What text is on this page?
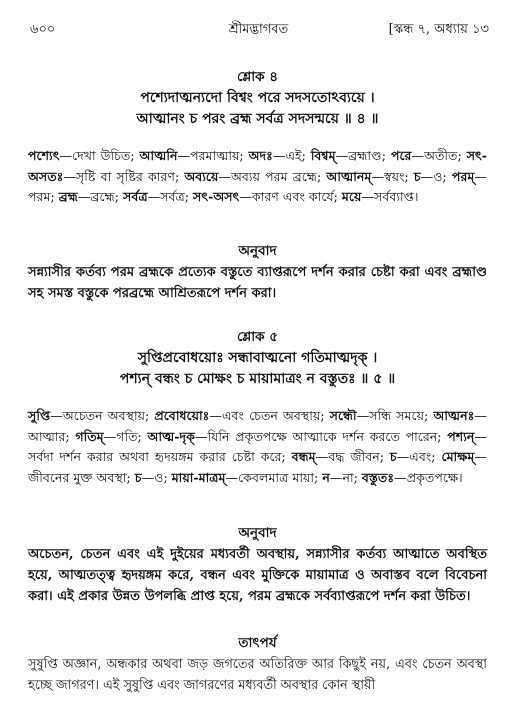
৬০০	শ্রীমদ্ভাগবত	[স্কন্ধ ৭, অধ্যায় ১৩
শ্লোক ৪
পশ্যেদাত্মন্যদো বিশ্বং পরে সদসতোঽব্যয়ে ।
আত্মানং চ পরং ব্রহ্ম সর্বত্র সদসন্ময়ে ॥ ৪ ॥
পশ্যেৎ—দেখা উচিত; আত্মনি—পরমাত্মায়; অদঃ—এই; বিশ্বম্—ব্রহ্মাণ্ড; পরে—অতীত; সৎ-অসতঃ—সৃষ্টি বা সৃষ্টির কারণ; অব্যয়ে—অব্যয় পরম ব্রহ্মে; আত্মানম্—স্বয়ং; চ—ও; পরম্—পরম; ব্রহ্ম—ব্রহ্মে; সর্বত্র—সর্বত্র; সৎ-অসৎ—কারণ এবং কার্যে; ময়ে—সর্বব্যাপ্ত।
অনুবাদ
সন্ন্যাসীর কর্তব্য পরম ব্রহ্মকে প্রত্যেক বস্তুতে ব্যাপ্তরূপে দর্শন করার চেষ্টা করা এবং ব্রহ্মাণ্ড সহ সমস্ত বস্তুকে পরব্রহ্মে আশ্রিতরূপে দর্শন করা।
শ্লোক ৫
সুপ্তিপ্রবোধয়োঃ সন্ধাবাত্মনো গতিমাত্মদৃক্ ।
পশ্যন্ বন্ধং চ মোক্ষং চ মায়ামাত্রং ন বস্তুতঃ ॥ ৫ ॥
সুপ্তি—অচেতন অবস্থায়; প্রবোধয়োঃ—এবং চেতন অবস্থায়; সন্ধৌ—সন্ধি সময়ে; আত্মনঃ—আত্মার; গতিম্—গতি; আত্ম-দৃক্—যিনি প্রকৃতপক্ষে আত্মাকে দর্শন করতে পারেন; পশ্যন্—সর্বদা দর্শন করার অথবা হৃদয়ঙ্গম করার চেষ্টা করে; বন্ধম্—বদ্ধ জীবন; চ—এবং; মোক্ষম্—জীবনের মুক্ত অবস্থা; চ—ও; মায়া-মাত্রম্—কেবলমাত্র মায়া; ন—না; বস্তুতঃ—প্রকৃতপক্ষে।
অনুবাদ
অচেতন, চেতন এবং এই দুইয়ের মধ্যবর্তী অবস্থায়, সন্ন্যাসীর কর্তব্য আত্মাতে অবস্থিত হয়ে, আত্মতত্ত্ব হৃদয়ঙ্গম করে, বন্ধন এবং মুক্তিকে মায়ামাত্র ও অবাস্তব বলে বিবেচনা করা। এই প্রকার উন্নত উপলব্ধি প্রাপ্ত হয়ে, পরম ব্রহ্মকে সর্বব্যাপ্তরূপে দর্শন করা উচিত।
তাৎপর্য
সুষুপ্তি অজ্ঞান, অন্ধকার অথবা জড় জগতের অতিরিক্ত আর কিছুই নয়, এবং চেতন অবস্থা হচ্ছে জাগরণ। এই সুষুপ্তি এবং জাগরণের মধ্যবর্তী অবস্থার কোন স্থায়ী
